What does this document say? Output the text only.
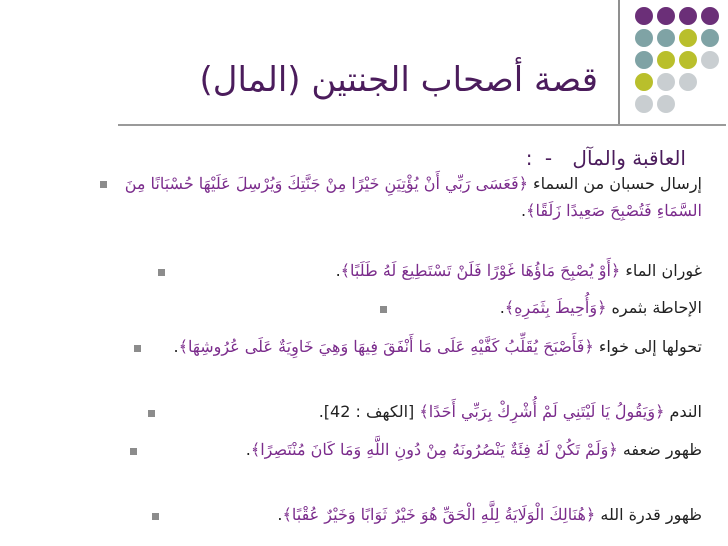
قصة أصحاب الجنتين (المال)
العاقبة والمآل - :
إرسال حسبان من السماء ﴿فَعَسَى رَبِّي أَنْ يُؤْتِيَنِ خَيْرًا مِنْ جَنَّتِكَ وَيُرْسِلَ عَلَيْهَا حُسْبَانًا مِنَ السَّمَاءِ فَتُصْبِحَ صَعِيدًا زَلَقًا﴾.
غوران الماء ﴿أَوْ يُصْبِحَ مَاؤُهَا غَوْرًا فَلَنْ تَسْتَطِيعَ لَهُ طَلَبًا﴾.
الإحاطة بثمره ﴿وَأُحِيطَ بِثَمَرِهِ﴾.
تحولها إلى خواء ﴿فَأَصْبَحَ يُقَلِّبُ كَفَّيْهِ عَلَى مَا أَنْفَقَ فِيهَا وَهِيَ خَاوِيَةٌ عَلَى عُرُوشِهَا﴾.
الندم ﴿وَيَقُولُ يَا لَيْتَنِي لَمْ أُشْرِكْ بِرَبِّي أَحَدًا﴾ [الكهف : 42].
ظهور ضعفه ﴿وَلَمْ تَكُنْ لَهُ فِئَةٌ يَنْصُرُونَهُ مِنْ دُونِ اللَّهِ وَمَا كَانَ مُنْتَصِرًا﴾.
ظهور قدرة الله ﴿هُنَالِكَ الْوَلَايَةُ لِلَّهِ الْحَقِّ هُوَ خَيْرٌ ثَوَابًا وَخَيْرٌ عُقْبًا﴾.
